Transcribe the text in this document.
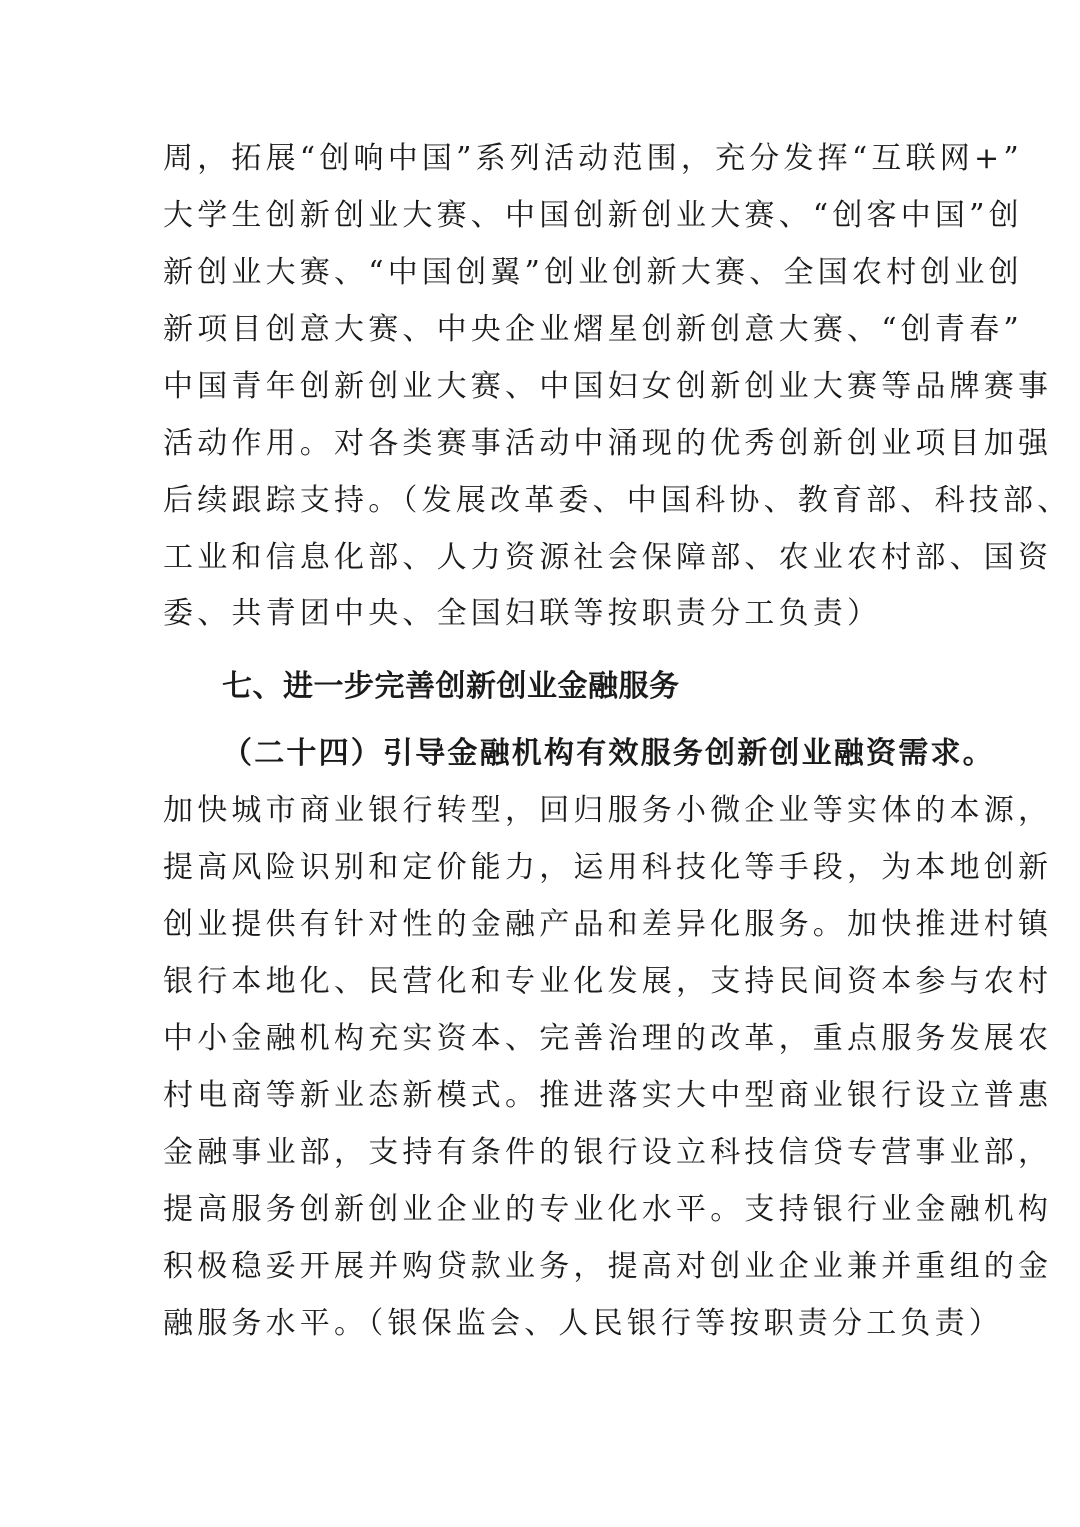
周，拓展“创响中国”系列活动范围，充分发挥“互联网+”
大学生创新创业大赛、中国创新创业大赛、“创客中国”创
新创业大赛、“中国创翼”创业创新大赛、全国农村创业创
新项目创意大赛、中央企业熠星创新创意大赛、“创青春”
中国青年创新创业大赛、中国妇女创新创业大赛等品牌赛事
活动作用。对各类赛事活动中涌现的优秀创新创业项目加强
后续跟踪支持。（发展改革委、中国科协、教育部、科技部、
工业和信息化部、人力资源社会保障部、农业农村部、国资
委、共青团中央、全国妇联等按职责分工负责）
七、进一步完善创新创业金融服务
（二十四）引导金融机构有效服务创新创业融资需求。
加快城市商业银行转型，回归服务小微企业等实体的本源，
提高风险识别和定价能力，运用科技化等手段，为本地创新
创业提供有针对性的金融产品和差异化服务。加快推进村镇
银行本地化、民营化和专业化发展，支持民间资本参与农村
中小金融机构充实资本、完善治理的改革，重点服务发展农
村电商等新业态新模式。推进落实大中型商业银行设立普惠
金融事业部，支持有条件的银行设立科技信贷专营事业部，
提高服务创新创业企业的专业化水平。支持银行业金融机构
积极稳妥开展并购贷款业务，提高对创业企业兼并重组的金
融服务水平。（银保监会、人民银行等按职责分工负责）
